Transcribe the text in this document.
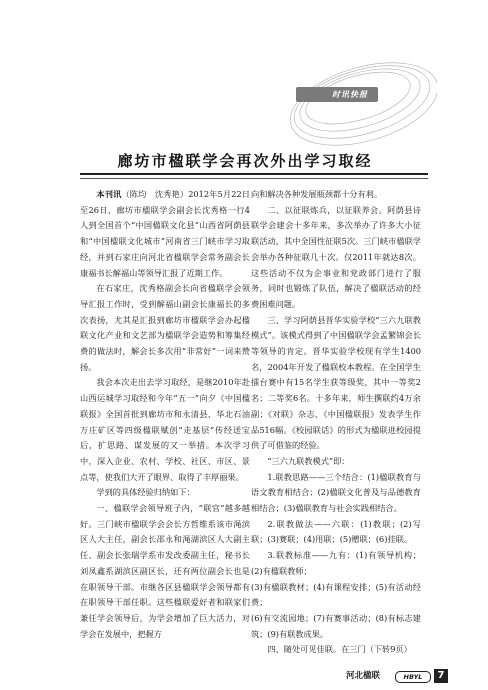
时讯快报
廊坊市楹联学会再次外出学习取经

本刊讯（陈均　沈秀艳）2012年5月22日至26日，廊坊市楹联学会副会长沈秀格一行4人到全国首个“中国楹联文化县”山西省阿荫县和“中国楹联文化城市”河南省三门峡市学习取经，并到石家庄向河北省楹联学会常务副会长康福书长解福山等领导汇报了近期工作。

在石家庄，沈秀格副会长向省楹联学会领导汇报工作时，受到解福山副会长康福长的多次表扬，尤其是汇报到廊坊市楹联学会办起楹联文化产业和文艺部为楹联学会造势和筹集经费的做法时，解会长多次用“非常好”一词来赞扬。

我会本次走出去学习取经，是继2010年赴山西运城学习取经和今年“五一”向夕《中国楹联报》全国首批到廊坊市和永清县、华北石油万庄矿区等四级楹联赋创“走基层”传经送宝后，扩思路、谋发展的又一举措。本次学习中，深入企业、农村、学校、社区、市区、景点等，使我们大开了眼界、取得了丰厚丽果。

学到的具体经验归纳如下：

一、楹联学会领导班子内，“联官”越多越好。三门峡市楹联学会会长方哲维系该市渑滨区人大主任，副会长邵永和渑湖滨区人大副主任、副会长张瑞学系市发改委副主任，秘书长刘凤鑫系湖滨区副区长，还有两位副会长也是在职领导干部。市继各区县楹联学会领导都有在职领导干部任职。这些楹联爱好者和联家们兼任学会领导后，为学会增加了巨大活力，对学会在发展中，把握方

向和解决各种发展瓶颈都十分有利。

二、以征联炼兵，以征联养会。阿荫县诗联学会建会十多年来，多次举办了许多大小征联活动，其中全国性征联5次。三门峡市楹联学会举办各种征联几十次。仅2011年就达8次。这些活动不仅为企事业和党政部门进行了服务，同时也锻炼了队伍，解决了楹联活动的经费困难问题。

三、学习阿荫县晋华实验学校“三六九联教模式”。该模式得到了中国楹联学会孟繁锦会长等领导的肯定。晋华实验学校现有学生1400名，2004年开发了楹联校本教程。在全国学生擂台赛中有15名学生获等级奖，其中一等奖2名；二等奖6名。十多年来，师生撰联约4万余副；《对联》杂志、《中国楹联报》发表学生作品516幅。《校园联话》的形式为楹联进校园提供了可借鉴的经验。

“三六九联教模式”即：

1.联教思路——三个结合：(1)楹联教育与语文教育相结合；(2)楹联文化普及与品德教育相结合；(3)楹联教育与社会实践相结合。

2.联教做法——六联：(1)教联；(2)写联；(3)赛联；(4)用联；(5)赠联；(6)挂联。

3.联教标准——九有：(1)有领导机构；(2)有楹联教师；

(3)有楹联教材；(4)有课程安排；(5)有活动经费；

(6)有交流园地；(7)有赛事活动；(8)有标志建筑；(9)有联教成果。

四、随处可见佳联。在三门（下转9页）

河北楹联	HBYL	7
